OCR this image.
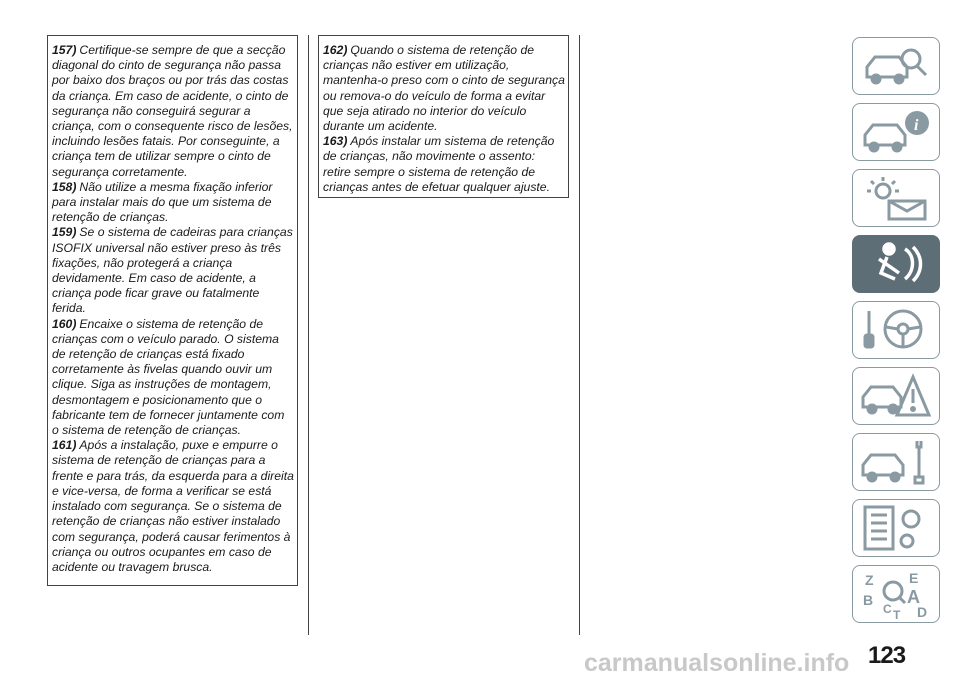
157) Certifique-se sempre de que a secção diagonal do cinto de segurança não passa por baixo dos braços ou por trás das costas da criança. Em caso de acidente, o cinto de segurança não conseguirá segurar a criança, com o consequente risco de lesões, incluindo lesões fatais. Por conseguinte, a criança tem de utilizar sempre o cinto de segurança corretamente.

158) Não utilize a mesma fixação inferior para instalar mais do que um sistema de retenção de crianças.

159) Se o sistema de cadeiras para crianças ISOFIX universal não estiver preso às três fixações, não protegerá a criança devidamente. Em caso de acidente, a criança pode ficar grave ou fatalmente ferida.

160) Encaixe o sistema de retenção de crianças com o veículo parado. O sistema de retenção de crianças está fixado corretamente às fivelas quando ouvir um clique. Siga as instruções de montagem, desmontagem e posicionamento que o fabricante tem de fornecer juntamente com o sistema de retenção de crianças.

161) Após a instalação, puxe e empurre o sistema de retenção de crianças para a frente e para trás, da esquerda para a direita e vice-versa, de forma a verificar se está instalado com segurança. Se o sistema de retenção de crianças não estiver instalado com segurança, poderá causar ferimentos à criança ou outros ocupantes em caso de acidente ou travagem brusca.

162) Quando o sistema de retenção de crianças não estiver em utilização, mantenha-o preso com o cinto de segurança ou remova-o do veículo de forma a evitar que seja atirado no interior do veículo durante um acidente.

163) Após instalar um sistema de retenção de crianças, não movimente o assento: retire sempre o sistema de retenção de crianças antes de efetuar qualquer ajuste.

i
Z	E
B A
C D
T
carmanualsonline.info 123
